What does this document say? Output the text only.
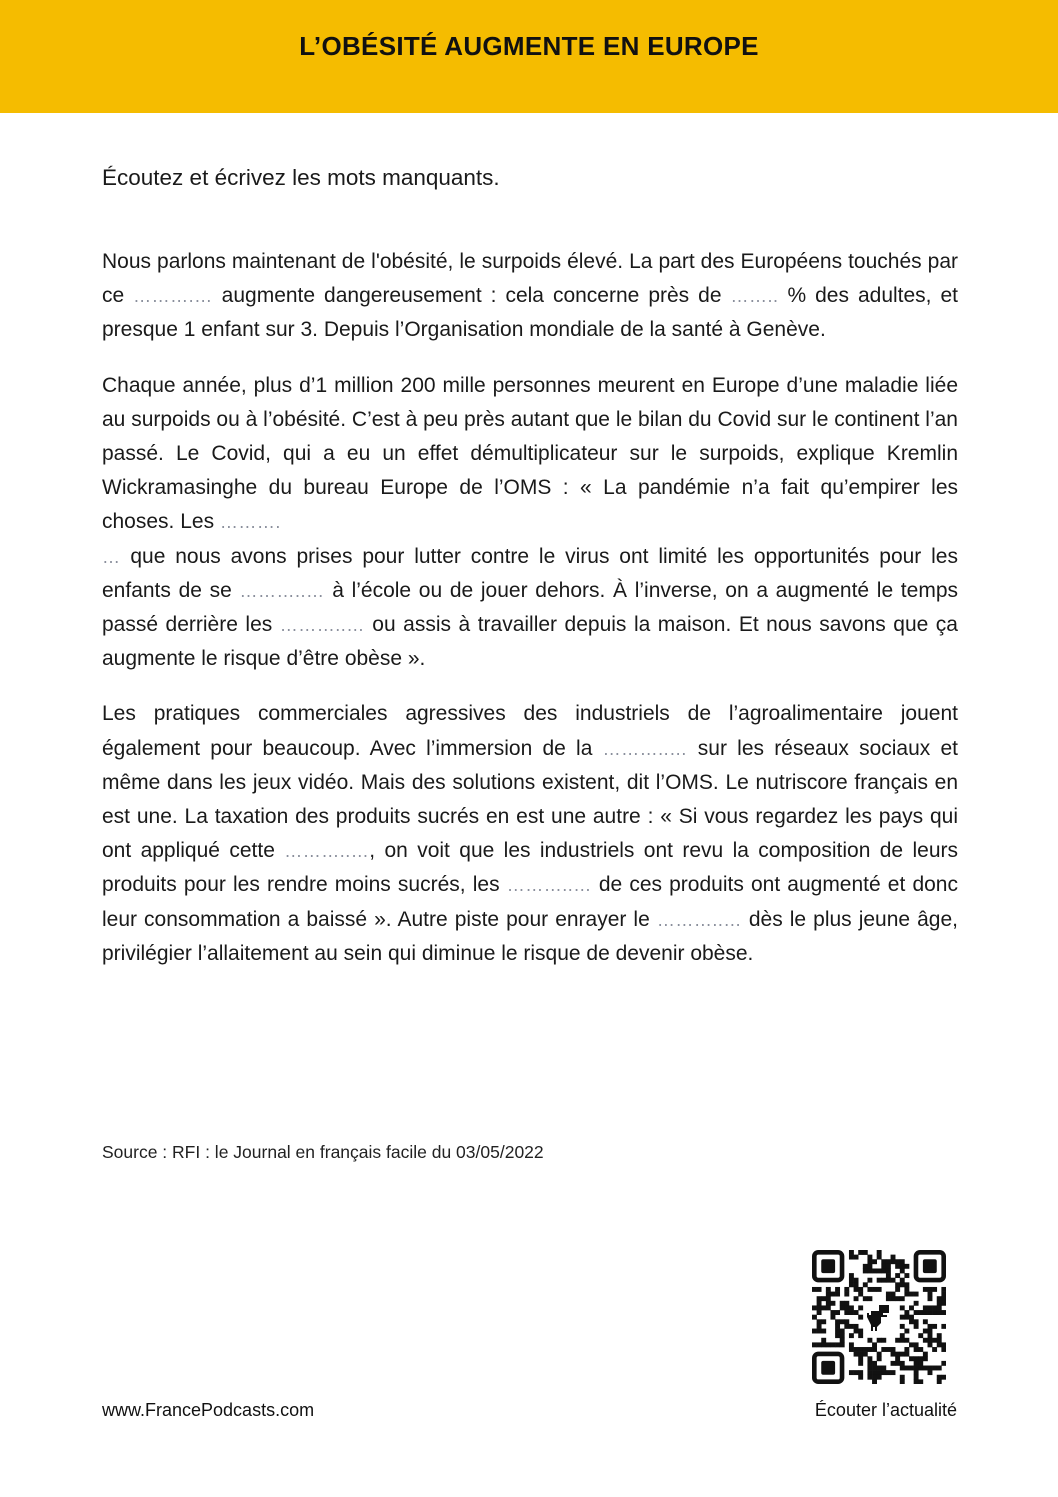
L’OBÉSITÉ AUGMENTE EN EUROPE

Écoutez et écrivez les mots manquants.

Nous parlons maintenant de l'obésité, le surpoids élevé. La part des Européens touchés par ce ……….… augmente dangereusement : cela concerne près de …….. % des adultes, et presque 1 enfant sur 3. Depuis l’Organisation mondiale de la santé à Genève.

Chaque année, plus d’1 million 200 mille personnes meurent en Europe d’une maladie liée au surpoids ou à l’obésité. C’est à peu près autant que le bilan du Covid sur le continent l’an passé. Le Covid, qui a eu un effet démultiplicateur sur le surpoids, explique Kremlin Wickramasinghe du bureau Europe de l’OMS : « La pandémie n’a fait qu’empirer les choses. Les ……….
… que nous avons prises pour lutter contre le virus ont limité les opportunités pour les enfants de se ………..… à l’école ou de jouer dehors. À l’inverse, on a augmenté le temps passé derrière les ………..… ou assis à travailler depuis la maison. Et nous savons que ça augmente le risque d’être obèse ».

Les pratiques commerciales agressives des industriels de l’agroalimentaire jouent également pour beaucoup. Avec l’immersion de la ………..… sur les réseaux sociaux et même dans les jeux vidéo. Mais des solutions existent, dit l’OMS. Le nutriscore français en est une. La taxation des produits sucrés en est une autre : « Si vous regardez les pays qui ont appliqué cette ………..…, on voit que les industriels ont revu la composition de leurs produits pour les rendre moins sucrés, les ………..… de ces produits ont augmenté et donc leur consommation a baissé ». Autre piste pour enrayer le ………..… dès le plus jeune âge, privilégier l’allaitement au sein qui diminue le risque de devenir obèse.

Source : RFI : le Journal en français facile du 03/05/2022

www.FrancePodcasts.com	Écouter l’actualité
